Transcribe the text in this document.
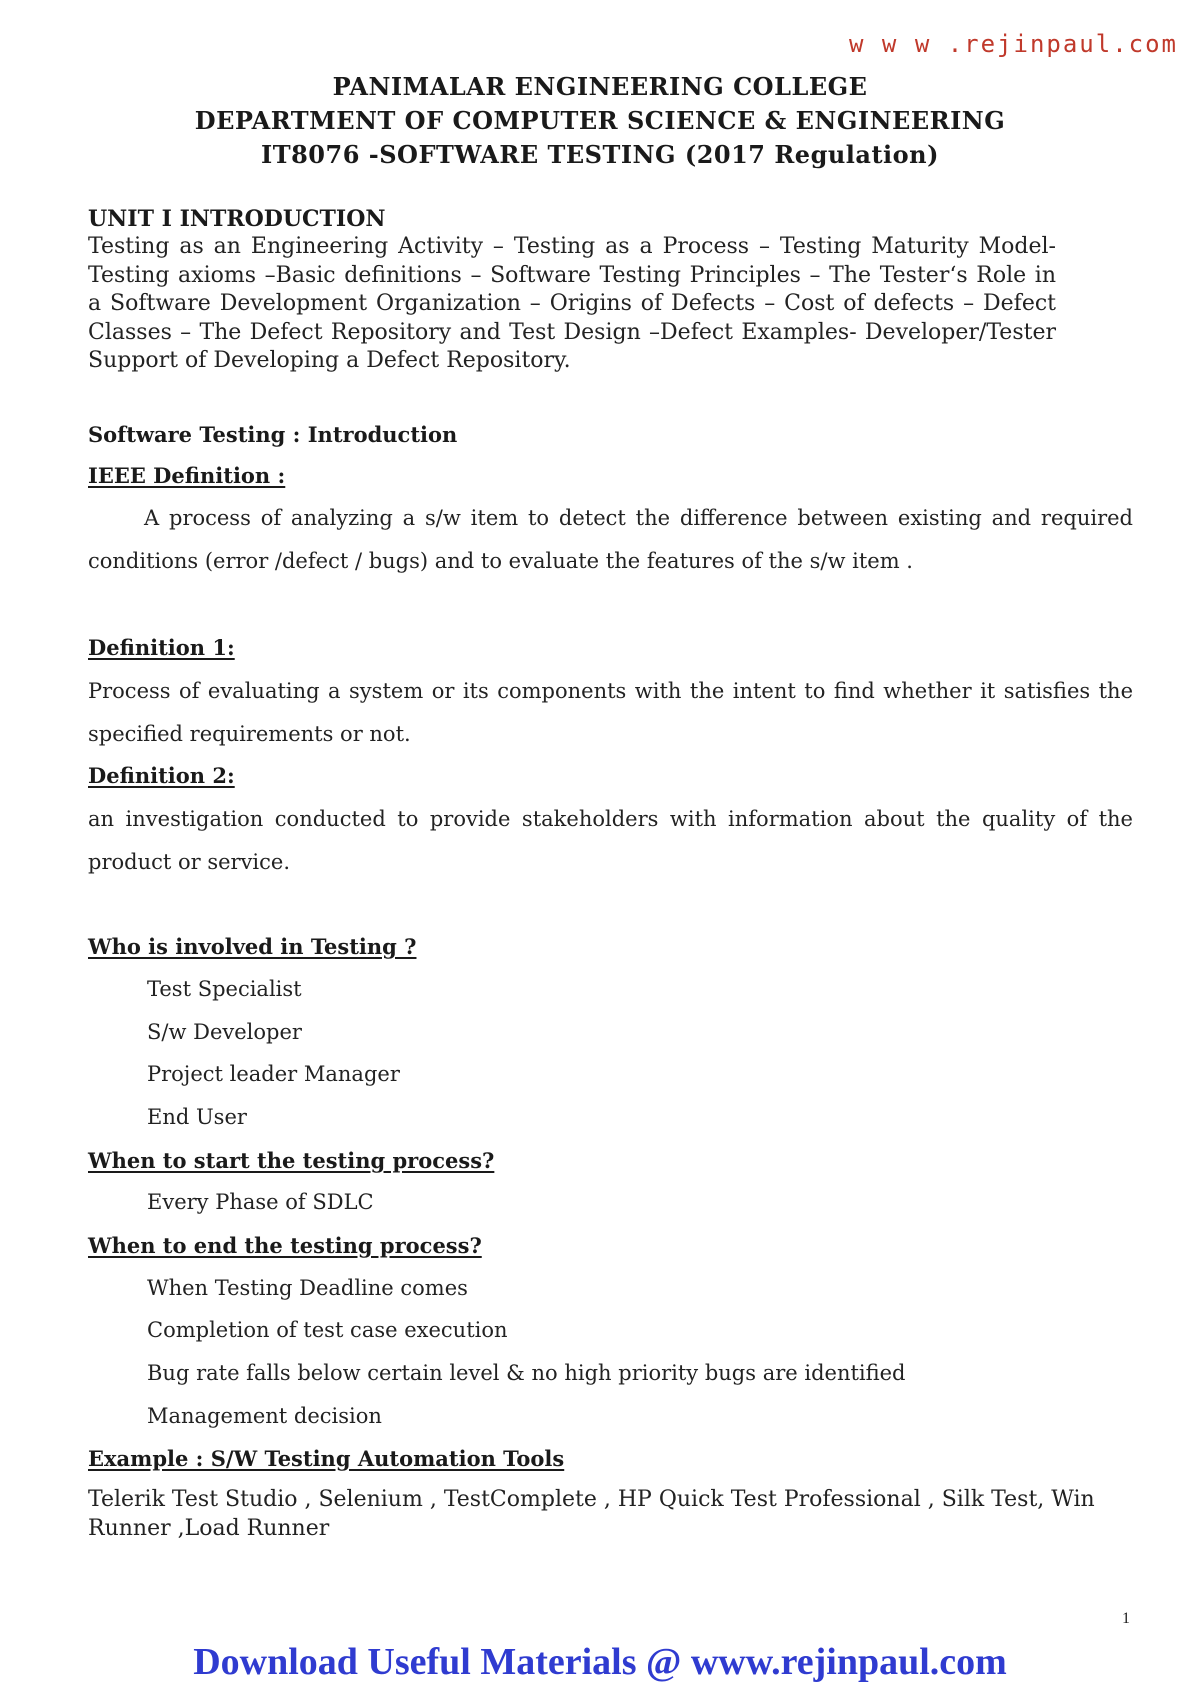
w w w .rejinpaul.com
PANIMALAR ENGINEERING COLLEGE
DEPARTMENT OF COMPUTER SCIENCE & ENGINEERING
IT8076 -SOFTWARE TESTING (2017 Regulation)
UNIT I INTRODUCTION
Testing as an Engineering Activity – Testing as a Process – Testing Maturity Model- Testing axioms –Basic definitions – Software Testing Principles – The Tester‘s Role in a Software Development Organization – Origins of Defects – Cost of defects – Defect Classes – The Defect Repository and Test Design –Defect Examples- Developer/Tester Support of Developing a Defect Repository.
Software Testing : Introduction
IEEE Definition :
A process of analyzing a s/w item to detect the difference between existing and required conditions (error /defect / bugs) and to evaluate the features of the s/w item .
Definition 1:
Process of evaluating a system or its components with the intent to find whether it satisfies the specified requirements or not.
Definition 2:
an investigation conducted to provide stakeholders with information about the quality of the product or service.
Who is involved in Testing ?
Test Specialist
S/w Developer
Project leader Manager
End User
When to start the testing process?
Every Phase of SDLC
When to end the testing process?
When Testing Deadline comes
Completion of test case execution
Bug rate falls below certain level & no high priority bugs are identified
Management decision
Example : S/W Testing Automation Tools
Telerik Test Studio , Selenium , TestComplete , HP Quick Test Professional , Silk Test, Win Runner ,Load Runner
1
Download Useful Materials @ www.rejinpaul.com
